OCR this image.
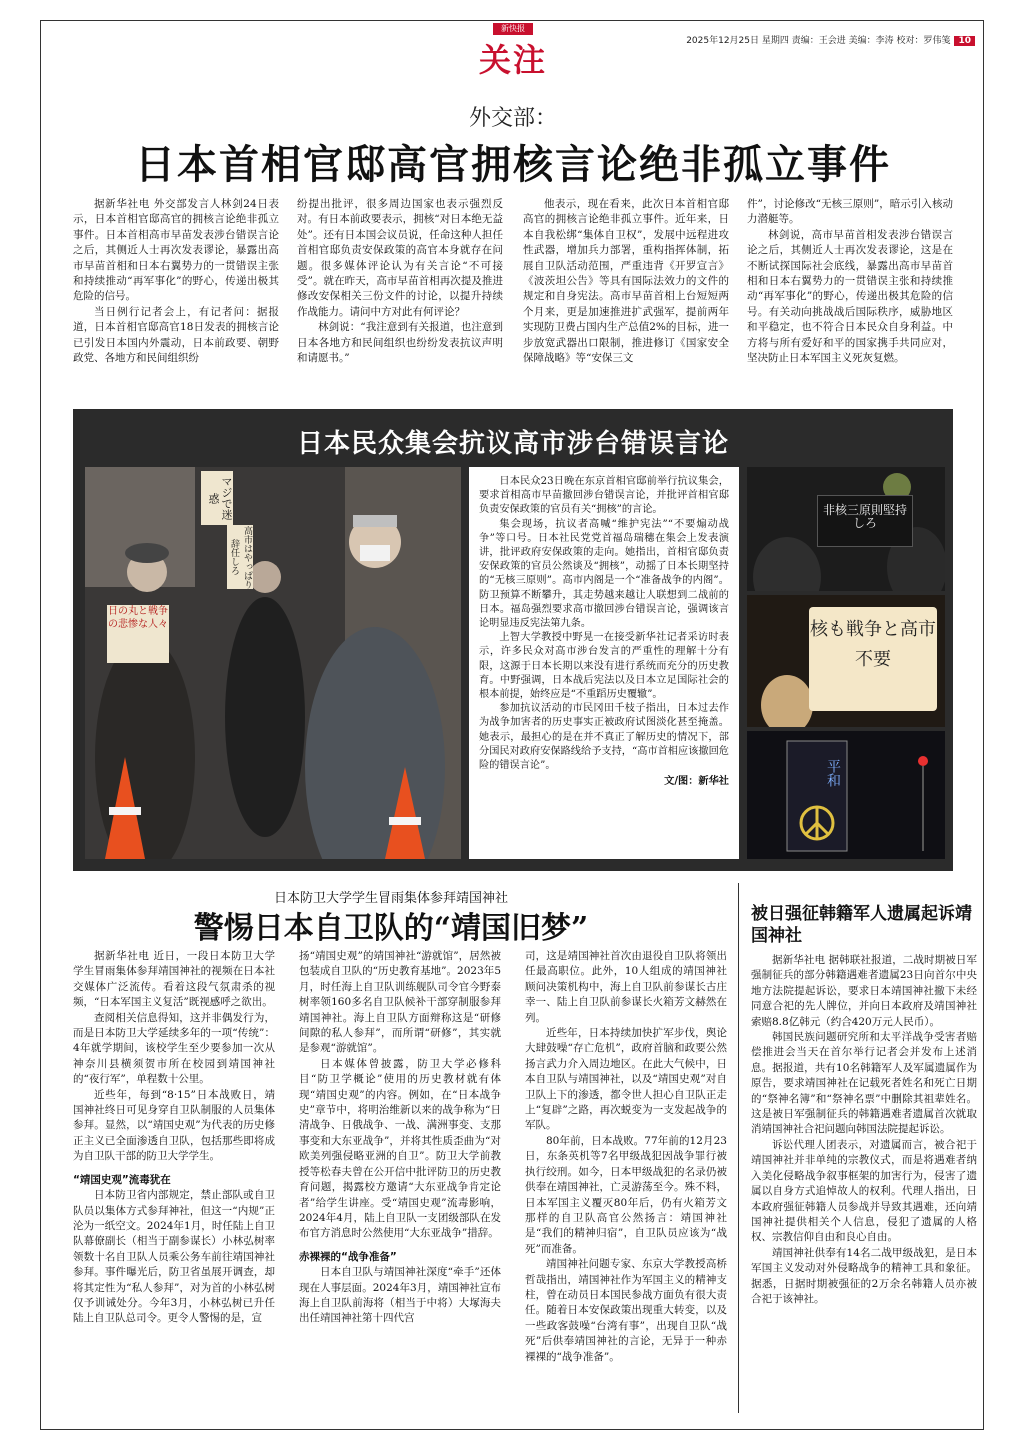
新快报
关注	2025年12月25日 星期四 责编：王会进 美编：李涛 校对：罗伟笺 10
外交部：
日本首相官邸高官拥核言论绝非孤立事件

据新华社电 外交部发言人林剑24日表示，日本首相官邸高官的拥核言论绝非孤立事件。日本首相高市早苗发表涉台错误言论之后，其侧近人士再次发表谬论，暴露出高市早苗首相和日本右翼势力的一贯错误主张和持续推动“再军事化”的野心，传递出极其危险的信号。

当日例行记者会上，有记者问：据报道，日本首相官邸高官18日发表的拥核言论已引发日本国内外震动，日本前政要、朝野政党、各地方和民间组织纷

纷提出批评，很多周边国家也表示强烈反对。有日本前政要表示，拥核“对日本绝无益处”。还有日本国会议员说，任命这种人担任首相官邸负责安保政策的高官本身就存在问题。很多媒体评论认为有关言论“不可接受”。就在昨天，高市早苗首相再次提及推进修改安保相关三份文件的讨论，以提升持续作战能力。请问中方对此有何评论？

林剑说：“我注意到有关报道，也注意到日本各地方和民间组织也纷纷发表抗议声明和请愿书。”

他表示，现在看来，此次日本首相官邸高官的拥核言论绝非孤立事件。近年来，日本自我松绑“集体自卫权”，发展中远程进攻性武器，增加兵力部署，重构指挥体制，拓展自卫队活动范围，严重违背《开罗宣言》《波茨坦公告》等具有国际法效力的文件的规定和自身宪法。高市早苗首相上台短短两个月来，更是加速推进扩武强军，提前两年实现防卫费占国内生产总值2%的目标，进一步放宽武器出口限制，推进修订《国家安全保障战略》等“安保三文

件”，讨论修改“无核三原则”，暗示引入核动力潜艇等。

林剑说，高市早苗首相发表涉台错误言论之后，其侧近人士再次发表谬论，这是在不断试探国际社会底线，暴露出高市早苗首相和日本右翼势力的一贯错误主张和持续推动“再军事化”的野心，传递出极其危险的信号。有关动向挑战战后国际秩序，威胁地区和平稳定，也不符合日本民众自身利益。中方将与所有爱好和平的国家携手共同应对，坚决防止日本军国主义死灰复燃。

日本民众集会抗议高市涉台错误言论
マジで迷惑
高市はやっぱり辞任しろ
日の丸と戦争の悲惨な人々

日本民众23日晚在东京首相官邸前举行抗议集会，要求首相高市早苗撤回涉台错误言论，并批评首相官邸负责安保政策的官员有关“拥核”的言论。

集会现场，抗议者高喊“维护宪法”“不要煽动战争”等口号。日本社民党党首福岛瑞穗在集会上发表演讲，批评政府安保政策的走向。她指出，首相官邸负责安保政策的官员公然谈及“拥核”，动摇了日本长期坚持的“无核三原则”。高市内阁是一个“准备战争的内阁”。防卫预算不断攀升，其走势越来越让人联想到二战前的日本。福岛强烈要求高市撤回涉台错误言论，强调该言论明显违反宪法第九条。

上智大学教授中野晃一在接受新华社记者采访时表示，许多民众对高市涉台发言的严重性的理解十分有限，这源于日本长期以来没有进行系统而充分的历史教育。中野强调，日本战后宪法以及日本立足国际社会的根本前提，始终应是“不重蹈历史覆辙”。

参加抗议活动的市民冈田千枝子指出，日本过去作为战争加害者的历史事实正被政府试图淡化甚至掩盖。她表示，最担心的是在并不真正了解历史的情况下，部分国民对政府安保路线给予支持，“高市首相应该撤回危险的错误言论”。

文/图：新华社
非核三原則堅持しろ
核も戦争と高市不要
平和
日本防卫大学学生冒雨集体参拜靖国神社
警惕日本自卫队的“靖国旧梦”

据新华社电 近日，一段日本防卫大学学生冒雨集体参拜靖国神社的视频在日本社交媒体广泛流传。看着这段气氛肃杀的视频，“日本军国主义复活”既视感呼之欲出。

查阅相关信息得知，这并非偶发行为，而是日本防卫大学延续多年的一项“传统”：4年就学期间，该校学生至少要参加一次从神奈川县横须贺市所在校园到靖国神社的“夜行军”，单程数十公里。

近些年，每到“8·15”日本战败日，靖国神社终日可见身穿自卫队制服的人员集体参拜。显然，以“靖国史观”为代表的历史修正主义已全面渗透自卫队，包括那些即将成为自卫队干部的防卫大学学生。

“靖国史观”流毒犹在

日本防卫省内部规定，禁止部队或自卫队员以集体方式参拜神社，但这一“内规”正沦为一纸空文。2024年1月，时任陆上自卫队幕僚副长（相当于副参谋长）小林弘树率领数十名自卫队人员乘公务车前往靖国神社参拜。事件曝光后，防卫省虽展开调查，却将其定性为“私人参拜”，对为首的小林弘树仅予训诫处分。今年3月，小林弘树已升任陆上自卫队总司令。更令人警惕的是，宣

扬“靖国史观”的靖国神社“游就馆”，居然被包装成自卫队的“历史教育基地”。2023年5月，时任海上自卫队训练舰队司令官今野泰树率领160多名自卫队候补干部穿制服参拜靖国神社。海上自卫队方面辩称这是“研修间隙的私人参拜”，而所谓“研修”，其实就是参观“游就馆”。

日本媒体曾披露，防卫大学必修科目“防卫学概论”使用的历史教材就有体现“靖国史观”的内容。例如，在“日本战争史”章节中，将明治维新以来的战争称为“日清战争、日俄战争、一战、满洲事变、支那事变和大东亚战争”，并将其性质歪曲为“对欧美列强侵略亚洲的自卫”。防卫大学前教授等松春夫曾在公开信中批评防卫的历史教育问题，揭露校方邀请“大东亚战争肯定论者”给学生讲座。受“靖国史观”流毒影响，2024年4月，陆上自卫队一支团级部队在发布官方消息时公然使用“大东亚战争”措辞。

赤裸裸的“战争准备”

日本自卫队与靖国神社深度“牵手”还体现在人事层面。2024年3月，靖国神社宣布海上自卫队前海将（相当于中将）大塚海夫出任靖国神社第十四代宫

司，这是靖国神社首次由退役自卫队将领出任最高职位。此外，10人组成的靖国神社顾问决策机构中，海上自卫队前参谋长古庄幸一、陆上自卫队前参谋长火箱芳文赫然在列。

近些年，日本持续加快扩军步伐，舆论大肆鼓噪“存亡危机”，政府首脑和政要公然扬言武力介入周边地区。在此大气候中，日本自卫队与靖国神社，以及“靖国史观”对自卫队上下的渗透，都令世人担心自卫队正走上“复辟”之路，再次蜕变为一支发起战争的军队。

80年前，日本战败。77年前的12月23日，东条英机等7名甲级战犯因战争罪行被执行绞刑。如今，日本甲级战犯的名录仍被供奉在靖国神社，亡灵游荡至今。殊不料，日本军国主义覆灭80年后，仍有火箱芳文那样的自卫队高官公然扬言：靖国神社是“我们的精神归宿”，自卫队员应该为“战死”而准备。

靖国神社问题专家、东京大学教授高桥哲哉指出，靖国神社作为军国主义的精神支柱，曾在动员日本国民参战方面负有很大责任。随着日本安保政策出现重大转变，以及一些政客鼓噪“台湾有事”，出现自卫队“战死”后供奉靖国神社的言论，无异于一种赤裸裸的“战争准备”。

被日强征韩籍军人遗属起诉靖国神社

据新华社电 据韩联社报道，二战时期被日军强制征兵的部分韩籍遇难者遗属23日向首尔中央地方法院提起诉讼，要求日本靖国神社撤下未经同意合祀的先人牌位，并向日本政府及靖国神社索赔8.8亿韩元（约合420万元人民币）。

韩国民族问题研究所和太平洋战争受害者赔偿推进会当天在首尔举行记者会并发布上述消息。据报道，共有10名韩籍军人及军属遗属作为原告，要求靖国神社在记载死者姓名和死亡日期的“祭神名簿”和“祭神名票”中删除其祖辈姓名。这是被日军强制征兵的韩籍遇难者遗属首次就取消靖国神社合祀问题向韩国法院提起诉讼。

诉讼代理人团表示，对遗属而言，被合祀于靖国神社并非单纯的宗教仪式，而是将遇难者纳入美化侵略战争叙事框架的加害行为，侵害了遗属以自身方式追悼故人的权利。代理人指出，日本政府强征韩籍人员参战并导致其遇难，还向靖国神社提供相关个人信息，侵犯了遗属的人格权、宗教信仰自由和良心自由。

靖国神社供奉有14名二战甲级战犯，是日本军国主义发动对外侵略战争的精神工具和象征。据悉，日据时期被强征的2万余名韩籍人员亦被合祀于该神社。
